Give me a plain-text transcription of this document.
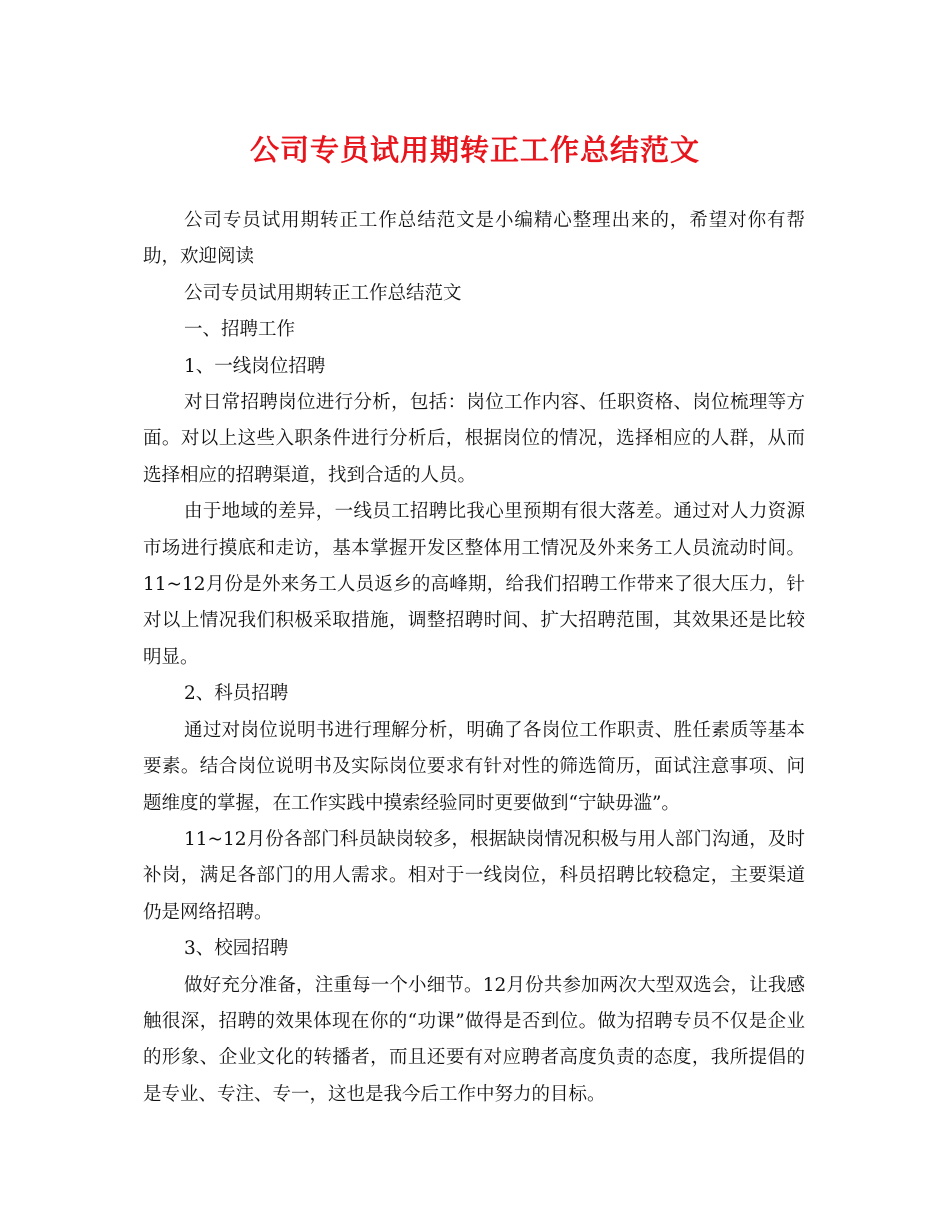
公司专员试用期转正工作总结范文

公司专员试用期转正工作总结范文是小编精心整理出来的，希望对你有帮助，欢迎阅读

公司专员试用期转正工作总结范文

一、招聘工作

1、一线岗位招聘

对日常招聘岗位进行分析，包括：岗位工作内容、任职资格、岗位梳理等方面。对以上这些入职条件进行分析后，根据岗位的情况，选择相应的人群，从而选择相应的招聘渠道，找到合适的人员。

由于地域的差异，一线员工招聘比我心里预期有很大落差。通过对人力资源市场进行摸底和走访，基本掌握开发区整体用工情况及外来务工人员流动时间。11~12月份是外来务工人员返乡的高峰期，给我们招聘工作带来了很大压力，针对以上情况我们积极采取措施，调整招聘时间、扩大招聘范围，其效果还是比较明显。

2、科员招聘

通过对岗位说明书进行理解分析，明确了各岗位工作职责、胜任素质等基本要素。结合岗位说明书及实际岗位要求有针对性的筛选简历，面试注意事项、问题维度的掌握，在工作实践中摸索经验同时更要做到“宁缺毋滥”。

11~12月份各部门科员缺岗较多，根据缺岗情况积极与用人部门沟通，及时补岗，满足各部门的用人需求。相对于一线岗位，科员招聘比较稳定，主要渠道仍是网络招聘。

3、校园招聘

做好充分准备，注重每一个小细节。12月份共参加两次大型双选会，让我感触很深，招聘的效果体现在你的“功课”做得是否到位。做为招聘专员不仅是企业的形象、企业文化的转播者，而且还要有对应聘者高度负责的态度，我所提倡的是专业、专注、专一，这也是我今后工作中努力的目标。
